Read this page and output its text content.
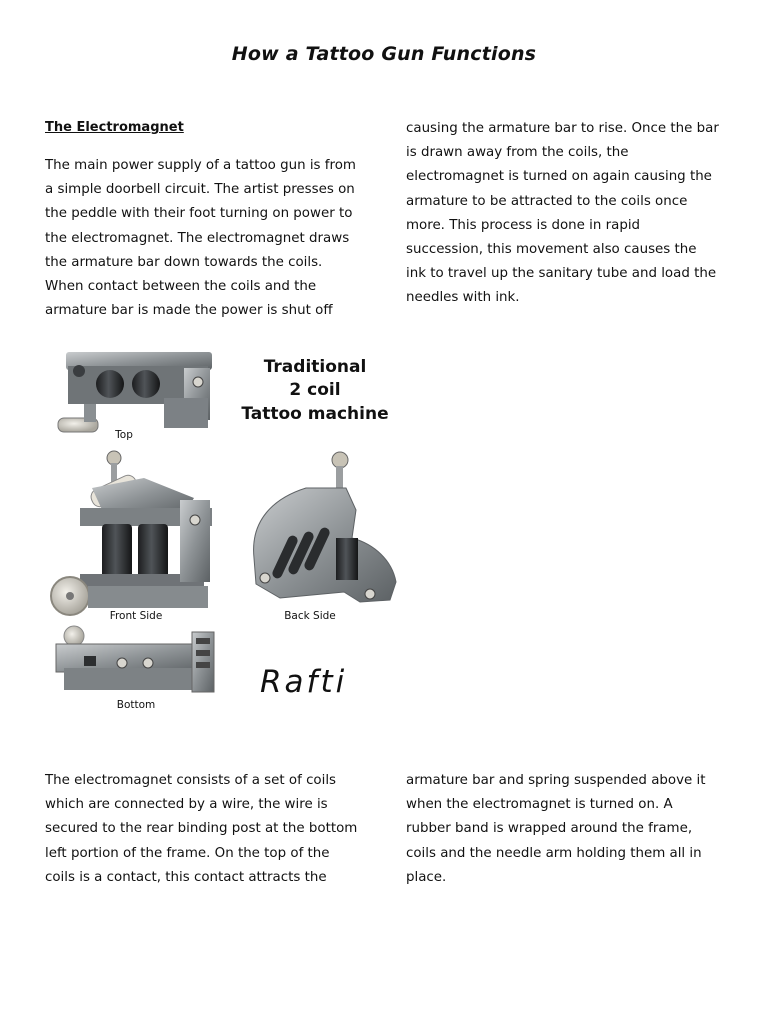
How a Tattoo Gun Functions
The Electromagnet
The main power supply of a tattoo gun is from
a simple doorbell circuit. The artist presses on
the peddle with their foot turning on power to
the electromagnet. The electromagnet draws
the armature bar down towards the coils.
When contact between the coils and the
armature bar is made the power is shut off
causing the armature bar to rise. Once the bar
is drawn away from the coils, the
electromagnet is turned on again causing the
armature to be attracted to the coils once
more. This process is done in rapid
succession, this movement also causes the
ink to travel up the sanitary tube and load the
needles with ink.
Top
Traditional
2 coil
Tattoo machine
Front Side	Back Side
Bottom
Rafti
The electromagnet consists of a set of coils
which are connected by a wire, the wire is
secured to the rear binding post at the bottom
left portion of the frame. On the top of the
coils is a contact, this contact attracts the
armature bar and spring suspended above it
when the electromagnet is turned on. A
rubber band is wrapped around the frame,
coils and the needle arm holding them all in
place.
